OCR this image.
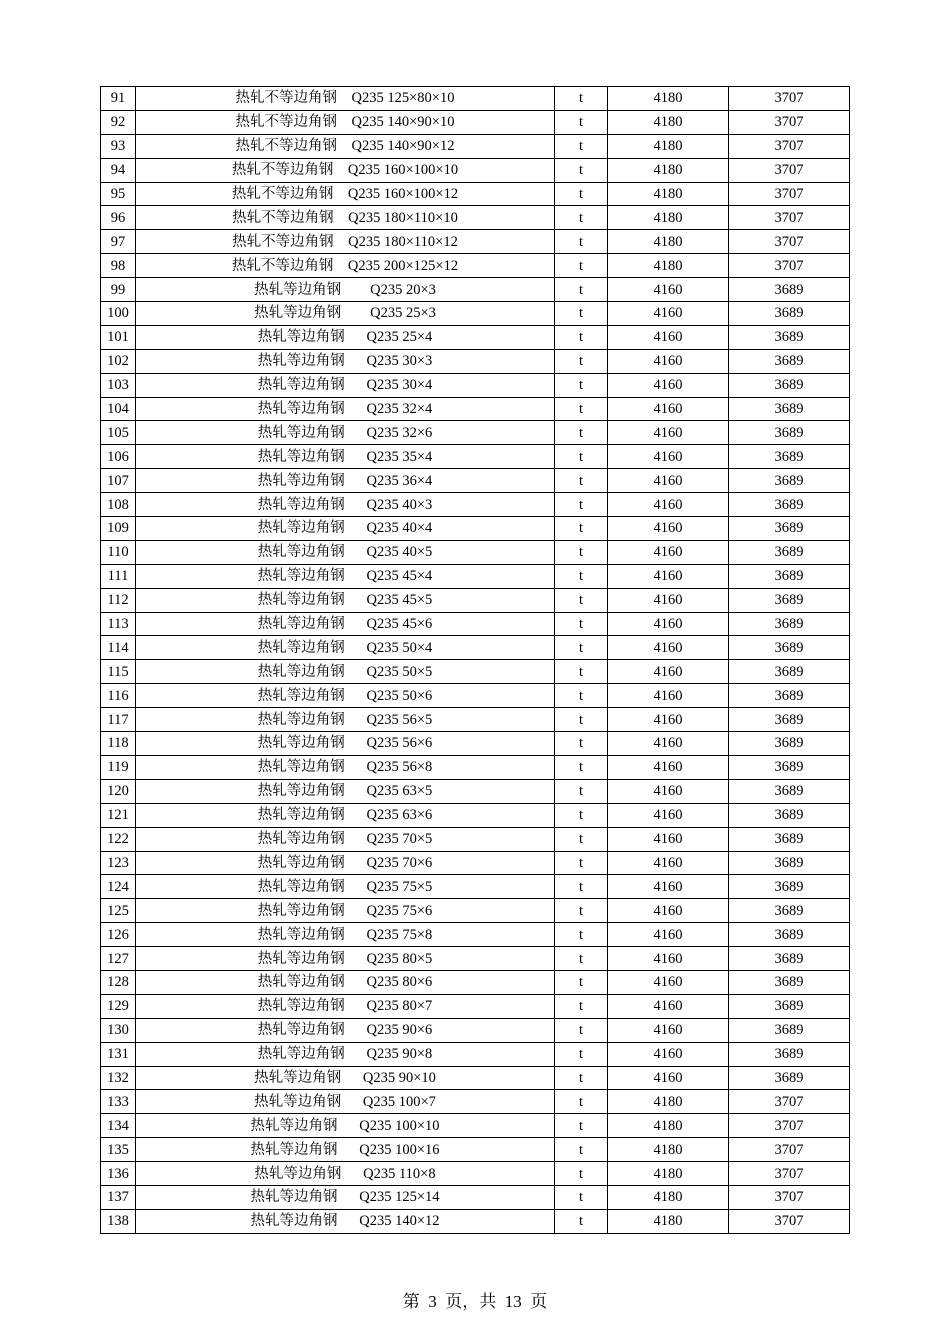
91	热轧不等边角钢    Q235 125×80×10	t	4180	3707
92	热轧不等边角钢    Q235 140×90×10	t	4180	3707
93	热轧不等边角钢    Q235 140×90×12	t	4180	3707
94	热轧不等边角钢    Q235 160×100×10	t	4180	3707
95	热轧不等边角钢    Q235 160×100×12	t	4180	3707
96	热轧不等边角钢    Q235 180×110×10	t	4180	3707
97	热轧不等边角钢    Q235 180×110×12	t	4180	3707
98	热轧不等边角钢    Q235 200×125×12	t	4180	3707
99	热轧等边角钢        Q235 20×3	t	4160	3689
100	热轧等边角钢        Q235 25×3	t	4160	3689
101	热轧等边角钢      Q235 25×4	t	4160	3689
102	热轧等边角钢      Q235 30×3	t	4160	3689
103	热轧等边角钢      Q235 30×4	t	4160	3689
104	热轧等边角钢      Q235 32×4	t	4160	3689
105	热轧等边角钢      Q235 32×6	t	4160	3689
106	热轧等边角钢      Q235 35×4	t	4160	3689
107	热轧等边角钢      Q235 36×4	t	4160	3689
108	热轧等边角钢      Q235 40×3	t	4160	3689
109	热轧等边角钢      Q235 40×4	t	4160	3689
110	热轧等边角钢      Q235 40×5	t	4160	3689
111	热轧等边角钢      Q235 45×4	t	4160	3689
112	热轧等边角钢      Q235 45×5	t	4160	3689
113	热轧等边角钢      Q235 45×6	t	4160	3689
114	热轧等边角钢      Q235 50×4	t	4160	3689
115	热轧等边角钢      Q235 50×5	t	4160	3689
116	热轧等边角钢      Q235 50×6	t	4160	3689
117	热轧等边角钢      Q235 56×5	t	4160	3689
118	热轧等边角钢      Q235 56×6	t	4160	3689
119	热轧等边角钢      Q235 56×8	t	4160	3689
120	热轧等边角钢      Q235 63×5	t	4160	3689
121	热轧等边角钢      Q235 63×6	t	4160	3689
122	热轧等边角钢      Q235 70×5	t	4160	3689
123	热轧等边角钢      Q235 70×6	t	4160	3689
124	热轧等边角钢      Q235 75×5	t	4160	3689
125	热轧等边角钢      Q235 75×6	t	4160	3689
126	热轧等边角钢      Q235 75×8	t	4160	3689
127	热轧等边角钢      Q235 80×5	t	4160	3689
128	热轧等边角钢      Q235 80×6	t	4160	3689
129	热轧等边角钢      Q235 80×7	t	4160	3689
130	热轧等边角钢      Q235 90×6	t	4160	3689
131	热轧等边角钢      Q235 90×8	t	4160	3689
132	热轧等边角钢      Q235 90×10	t	4160	3689
133	热轧等边角钢      Q235 100×7	t	4180	3707
134	热轧等边角钢      Q235 100×10	t	4180	3707
135	热轧等边角钢      Q235 100×16	t	4180	3707
136	热轧等边角钢      Q235 110×8	t	4180	3707
137	热轧等边角钢      Q235 125×14	t	4180	3707
138	热轧等边角钢      Q235 140×12	t	4180	3707
第  3  页，共  13  页
